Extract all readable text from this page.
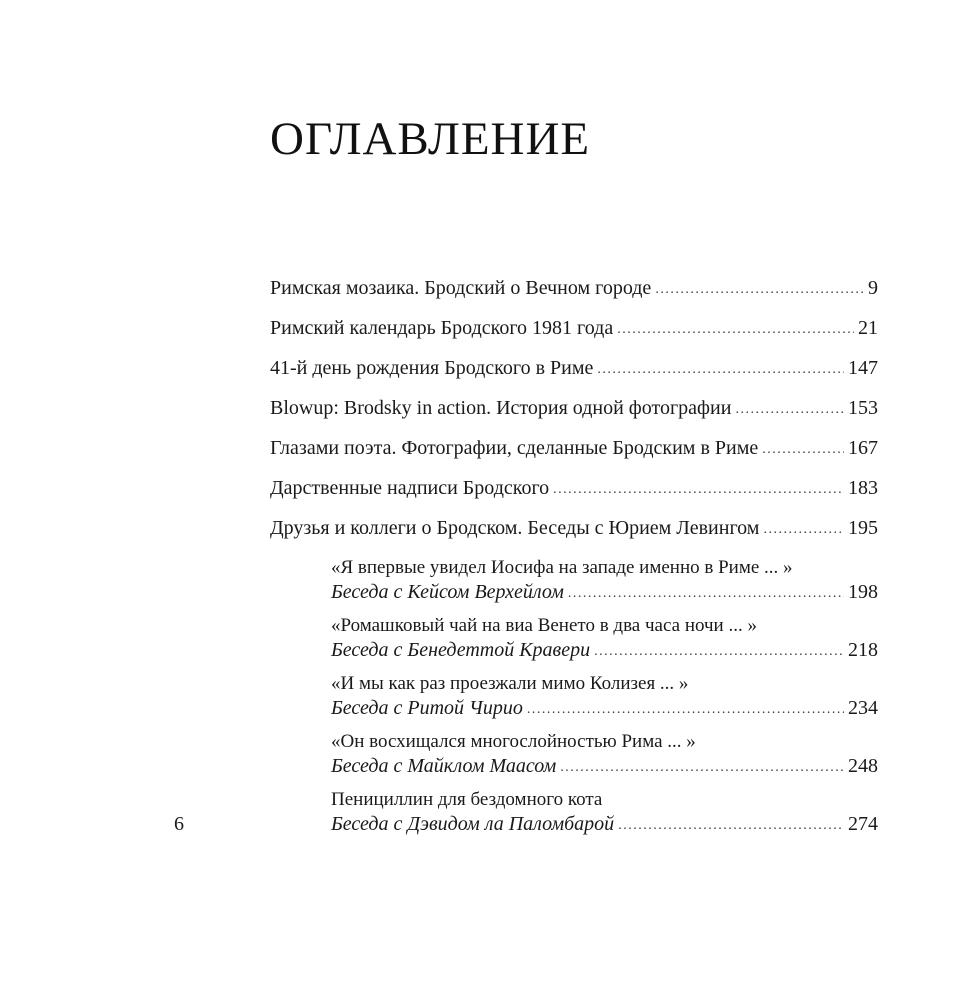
ОГЛАВЛЕНИЕ
Римская мозаика. Бродский о Вечном городе . . .	9
Римский календарь Бродского 1981 года . . .	21
41-й день рождения Бродского в Риме . . .	147
Blowup: Brodsky in action. История одной фотографии . . .	153
Глазами поэта. Фотографии, сделанные Бродским в Риме . . .	167
Дарственные надписи Бродского . . .	183
Друзья и коллеги о Бродском. Беседы с Юрием Левингом . . .	195
«Я впервые увидел Иосифа на западе именно в Риме ... »
Беседа с Кейсом Верхейлом . . .	198
«Ромашковый чай на виа Венето в два часа ночи ... »
Беседа с Бенедеттой Кравери . . .	218
«И мы как раз проезжали мимо Колизея ... »
Беседа с Ритой Чирио . . .	234
«Он восхищался многослойностью Рима ... »
Беседа с Майклом Маасом . . .	248
Пенициллин для бездомного кота
Беседа с Дэвидом ла Паломбарой . . .	274
6
